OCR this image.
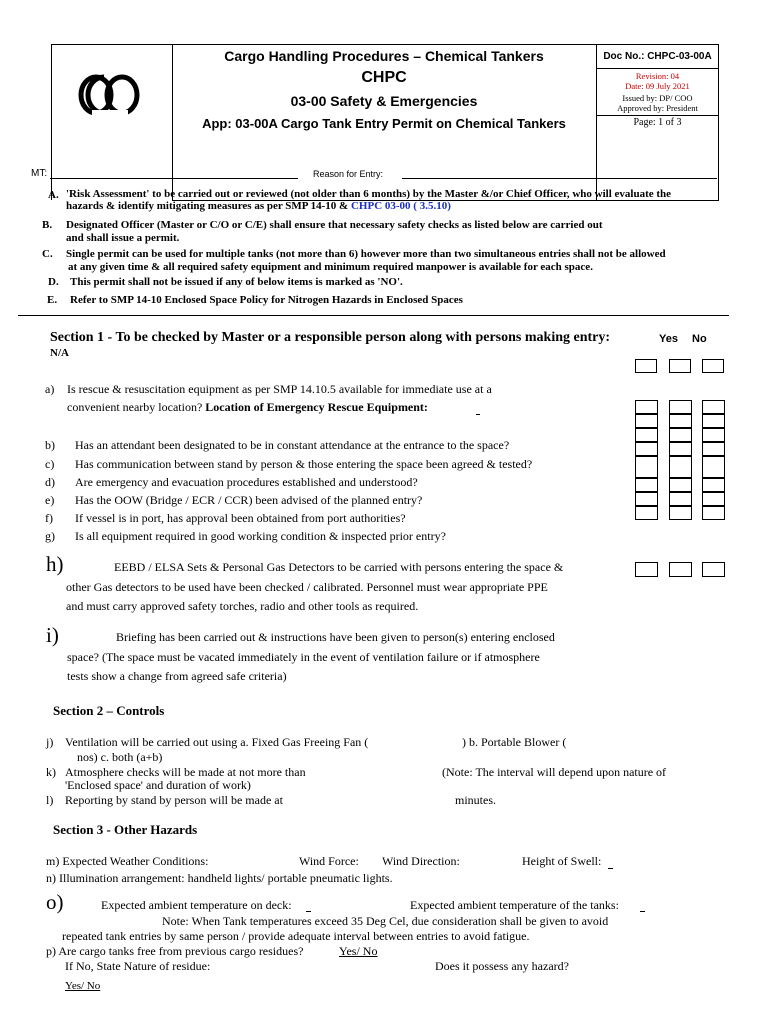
Cargo Handling Procedures – Chemical Tankers
CHPC
03-00 Safety & Emergencies
App: 03-00A Cargo Tank Entry Permit on Chemical Tankers
Doc No.: CHPC-03-00A
Revision: 04
Date: 09 July 2021
Issued by: DP/ COO
Approved by: President
Page: 1 of 3
MT:	Reason for Entry:
A. 'Risk Assessment' to be carried out or reviewed (not older than 6 months) by the Master &/or Chief Officer, who will evaluate the
hazards & identify mitigating measures as per SMP 14-10 & CHPC 03-00 ( 3.5.10)
B. Designated Officer (Master or C/O or C/E) shall ensure that necessary safety checks as listed below are carried out
and shall issue a permit.
C. Single permit can be used for multiple tanks (not more than 6) however more than two simultaneous entries shall not be allowed
at any given time & all required safety equipment and minimum required manpower is available for each space.
D. This permit shall not be issued if any of below items is marked as 'NO'.
E. Refer to SMP 14-10 Enclosed Space Policy for Nitrogen Hazards in Enclosed Spaces
Section 1 - To be checked by Master or a responsible person along with persons making entry:
N/A
Yes No
a) Is rescue & resuscitation equipment as per SMP 14.10.5 available for immediate use at a
convenient nearby location? Location of Emergency Rescue Equipment:
b) Has an attendant been designated to be in constant attendance at the entrance to the space?
c) Has communication between stand by person & those entering the space been agreed & tested?
d) Are emergency and evacuation procedures established and understood?
e) Has the OOW (Bridge / ECR / CCR) been advised of the planned entry?
f) If vessel is in port, has approval been obtained from port authorities?
g) Is all equipment required in good working condition & inspected prior entry?
h)	EEBD / ELSA Sets & Personal Gas Detectors to be carried with persons entering the space &
other Gas detectors to be used have been checked / calibrated. Personnel must wear appropriate PPE
and must carry approved safety torches, radio and other tools as required.
i)	Briefing has been carried out & instructions have been given to person(s) entering enclosed
space? (The space must be vacated immediately in the event of ventilation failure or if atmosphere
tests show a change from agreed safe criteria)
Section 2 – Controls
j) Ventilation will be carried out using a. Fixed Gas Freeing Fan (	) b. Portable Blower (
nos) c. both (a+b)
k) Atmosphere checks will be made at not more than	(Note: The interval will depend upon nature of
'Enclosed space' and duration of work)
l) Reporting by stand by person will be made at	minutes.
Section 3 - Other Hazards
m) Expected Weather Conditions:	Wind Force: Wind Direction:	Height of Swell:
n) Illumination arrangement: handheld lights/ portable pneumatic lights.
o)	Expected ambient temperature on deck:	Expected ambient temperature of the tanks:
Note: When Tank temperatures exceed 35 Deg Cel, due consideration shall be given to avoid
repeated tank entries by same person / provide adequate interval between entries to avoid fatigue.
p) Are cargo tanks free from previous cargo residues?	Yes/ No
If No, State Nature of residue:	Does it possess any hazard?
Yes/ No
